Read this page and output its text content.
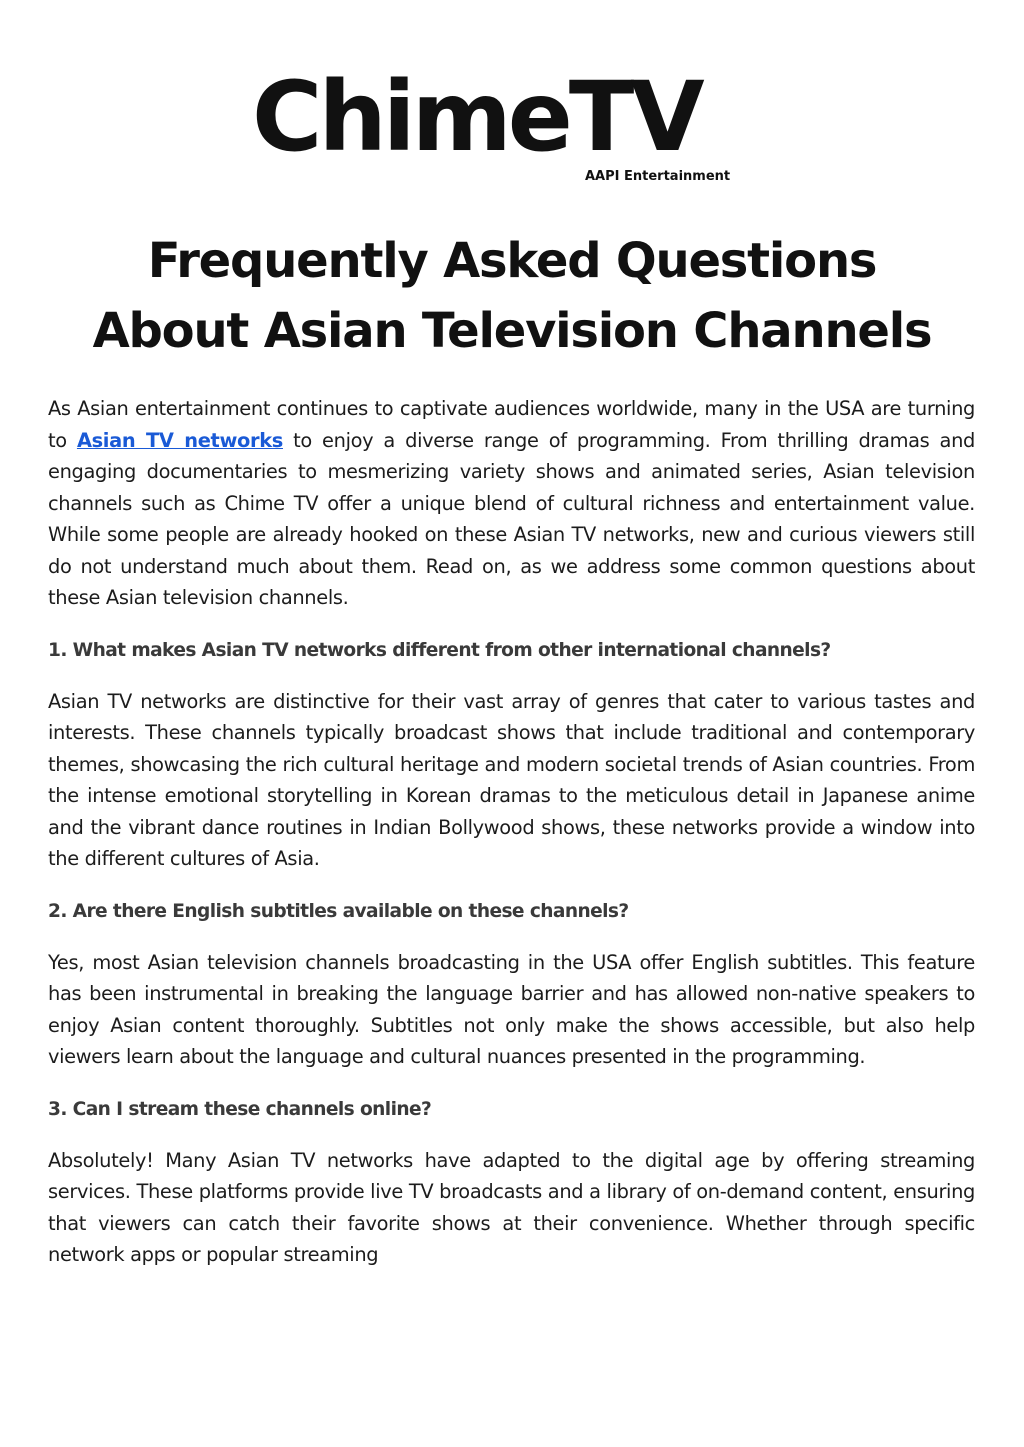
ChimeTV
AAPI Entertainment
Frequently Asked Questions
About Asian Television Channels

As Asian entertainment continues to captivate audiences worldwide, many in the USA are turning to Asian TV networks to enjoy a diverse range of programming. From thrilling dramas and engaging documentaries to mesmerizing variety shows and animated series, Asian television channels such as Chime TV offer a unique blend of cultural richness and entertainment value. While some people are already hooked on these Asian TV networks, new and curious viewers still do not understand much about them. Read on, as we address some common questions about these Asian television channels.

1. What makes Asian TV networks different from other international channels?

Asian TV networks are distinctive for their vast array of genres that cater to various tastes and interests. These channels typically broadcast shows that include traditional and contemporary themes, showcasing the rich cultural heritage and modern societal trends of Asian countries. From the intense emotional storytelling in Korean dramas to the meticulous detail in Japanese anime and the vibrant dance routines in Indian Bollywood shows, these networks provide a window into the different cultures of Asia.

2. Are there English subtitles available on these channels?

Yes, most Asian television channels broadcasting in the USA offer English subtitles. This feature has been instrumental in breaking the language barrier and has allowed non-native speakers to enjoy Asian content thoroughly. Subtitles not only make the shows accessible, but also help viewers learn about the language and cultural nuances presented in the programming.

3. Can I stream these channels online?

Absolutely! Many Asian TV networks have adapted to the digital age by offering streaming services. These platforms provide live TV broadcasts and a library of on-demand content, ensuring that viewers can catch their favorite shows at their convenience. Whether through specific network apps or popular streaming
